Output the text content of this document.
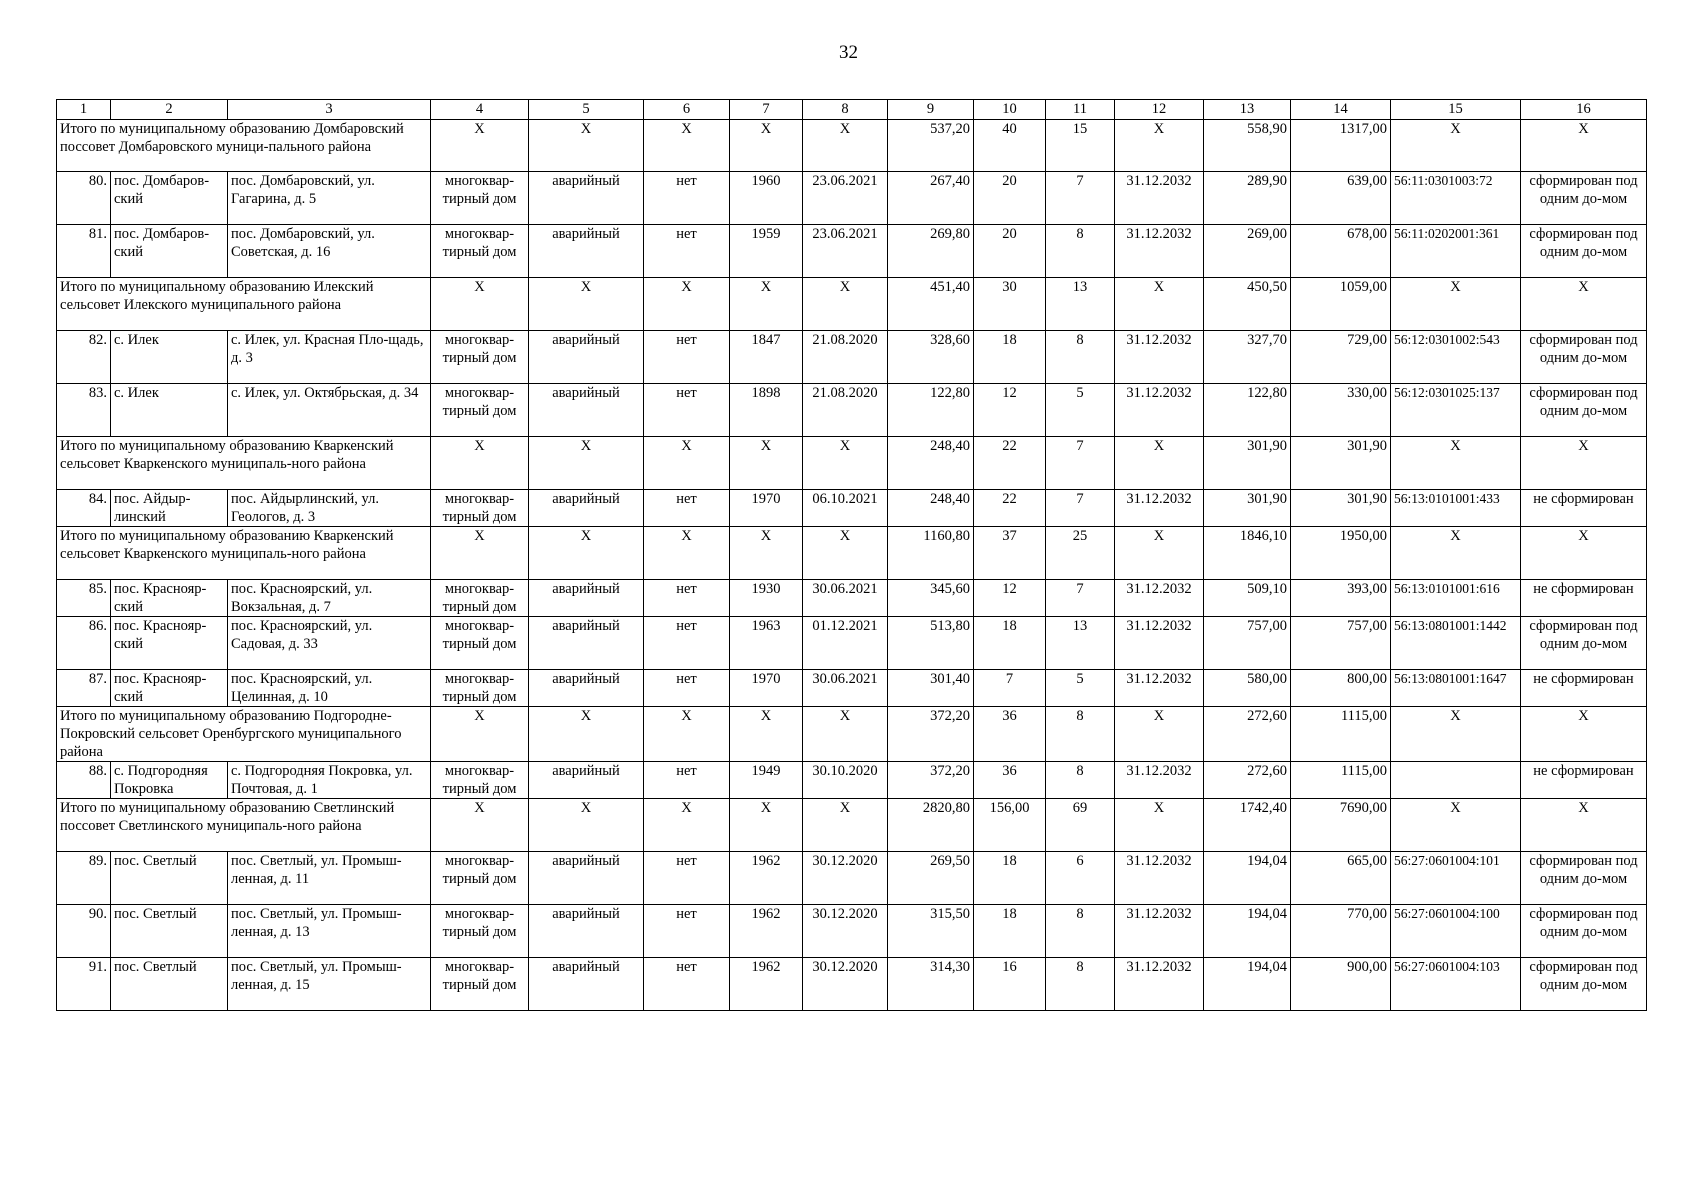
32
1	2	3	4	5	6	7	8	9	10	11	12	13	14	15	16
Итого по муниципальному образованию Домбаровский поссовет Домбаровского муници-пального района			X	X	X	X	X	537,20	40	15	X	558,90	1317,00	X	X
80.	пос. Домбаров-ский	пос. Домбаровский, ул. Гагарина, д. 5	многоквар-тирный дом	аварийный	нет	1960	23.06.2021	267,40	20	7	31.12.2032	289,90	639,00	56:11:0301003:72	сформирован под одним до-мом
81.	пос. Домбаров-ский	пос. Домбаровский, ул. Советская, д. 16	многоквар-тирный дом	аварийный	нет	1959	23.06.2021	269,80	20	8	31.12.2032	269,00	678,00	56:11:0202001:361	сформирован под одним до-мом
Итого по муниципальному образованию Илекский сельсовет Илекского муниципального района			X	X	X	X	X	451,40	30	13	X	450,50	1059,00	X	X
82.	с. Илек	с. Илек, ул. Красная Пло-щадь, д. 3	многоквар-тирный дом	аварийный	нет	1847	21.08.2020	328,60	18	8	31.12.2032	327,70	729,00	56:12:0301002:543	сформирован под одним до-мом
83.	с. Илек	с. Илек, ул. Октябрьская, д. 34	многоквар-тирный дом	аварийный	нет	1898	21.08.2020	122,80	12	5	31.12.2032	122,80	330,00	56:12:0301025:137	сформирован под одним до-мом
Итого по муниципальному образованию Кваркенский сельсовет Кваркенского муниципаль-ного района			X	X	X	X	X	248,40	22	7	X	301,90	301,90	X	X
84.	пос. Айдыр-линский	пос. Айдырлинский, ул. Геологов, д. 3	многоквар-тирный дом	аварийный	нет	1970	06.10.2021	248,40	22	7	31.12.2032	301,90	301,90	56:13:0101001:433	не сформирован
Итого по муниципальному образованию Кваркенский сельсовет Кваркенского муниципаль-ного района			X	X	X	X	X	1160,80	37	25	X	1846,10	1950,00	X	X
85.	пос. Краснояр-ский	пос. Красноярский, ул. Вокзальная, д. 7	многоквар-тирный дом	аварийный	нет	1930	30.06.2021	345,60	12	7	31.12.2032	509,10	393,00	56:13:0101001:616	не сформирован
86.	пос. Краснояр-ский	пос. Красноярский, ул. Садовая, д. 33	многоквар-тирный дом	аварийный	нет	1963	01.12.2021	513,80	18	13	31.12.2032	757,00	757,00	56:13:0801001:1442	сформирован под одним до-мом
87.	пос. Краснояр-ский	пос. Красноярский, ул. Целинная, д. 10	многоквар-тирный дом	аварийный	нет	1970	30.06.2021	301,40	7	5	31.12.2032	580,00	800,00	56:13:0801001:1647	не сформирован
Итого по муниципальному образованию Подгородне-Покровский сельсовет Оренбургского муниципального района			X	X	X	X	X	372,20	36	8	X	272,60	1115,00	X	X
88.	с. Подгородняя Покровка	с. Подгородняя Покровка, ул. Почтовая, д. 1	многоквар-тирный дом	аварийный	нет	1949	30.10.2020	372,20	36	8	31.12.2032	272,60	1115,00		не сформирован
Итого по муниципальному образованию Светлинский поссовет Светлинского муниципаль-ного района			X	X	X	X	X	2820,80	156,00	69	X	1742,40	7690,00	X	X
89.	пос. Светлый	пос. Светлый, ул. Промыш-ленная, д. 11	многоквар-тирный дом	аварийный	нет	1962	30.12.2020	269,50	18	6	31.12.2032	194,04	665,00	56:27:0601004:101	сформирован под одним до-мом
90.	пос. Светлый	пос. Светлый, ул. Промыш-ленная, д. 13	многоквар-тирный дом	аварийный	нет	1962	30.12.2020	315,50	18	8	31.12.2032	194,04	770,00	56:27:0601004:100	сформирован под одним до-мом
91.	пос. Светлый	пос. Светлый, ул. Промыш-ленная, д. 15	многоквар-тирный дом	аварийный	нет	1962	30.12.2020	314,30	16	8	31.12.2032	194,04	900,00	56:27:0601004:103	сформирован под одним до-мом
